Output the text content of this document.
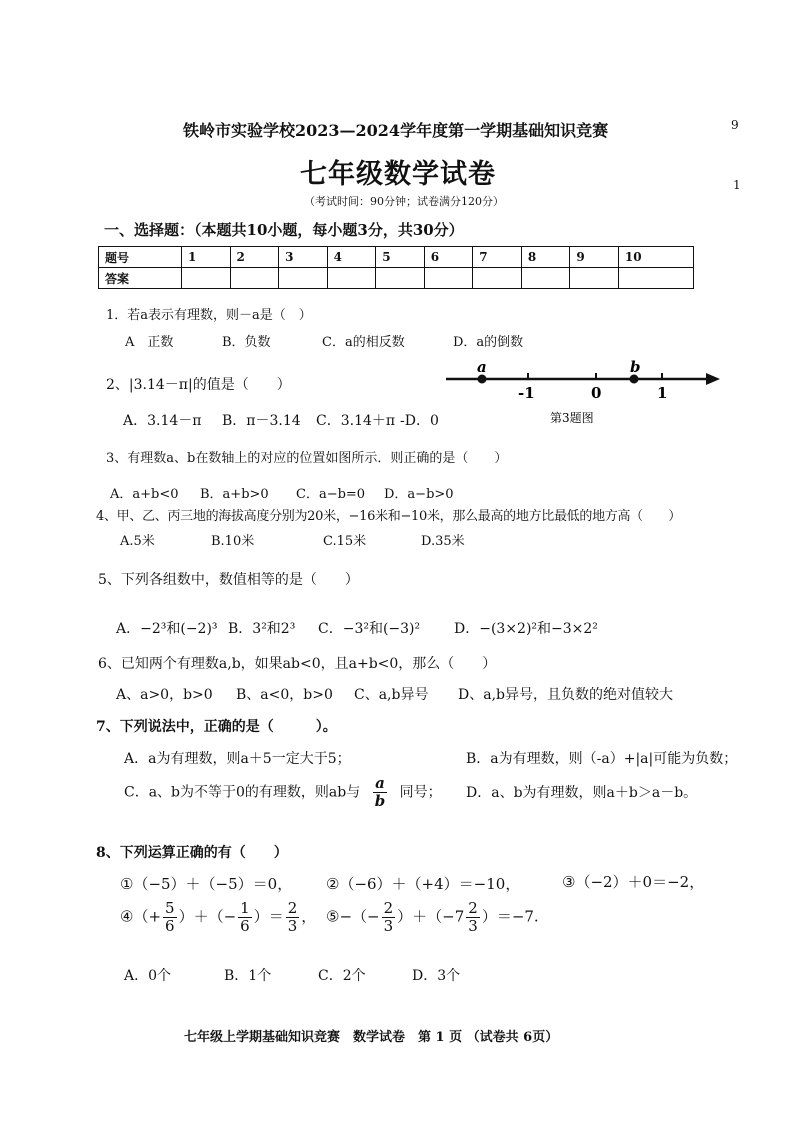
铁岭市实验学校2023—2024学年度第一学期基础知识竞赛	9
七年级数学试卷	1
（考试时间：90分钟；试卷满分120分）
一、选择题：（本题共10小题，每小题3分，共30分）
题号	1	2	3	4	5	6	7	8	9	10
答案										
1．若a表示有理数，则－a是（　）
A　正数	B．负数	C．a的相反数	D．a的倒数
2、|3.14－π|的值是（　　）
A．3.14－π B．π－3.14 C．3.14＋π -D．0
a	b
-1	0	1
第3题图
3、有理数a、b在数轴上的对应的位置如图所示．则正确的是（　　）
A．a+b<0 B．a+b>0 C．a−b=0 D．a−b>0
4、甲、乙、丙三地的海拔高度分别为20米，−16米和−10米，那么最高的地方比最低的地方高（　　）
A.5米	B.10米	C.15米	D.35米
5、下列各组数中，数值相等的是（　　）
A．−2³和(−2)³ B．3²和2³ C．−3²和(−3)² D．−(3×2)²和−3×2²
6、已知两个有理数a,b，如果ab<0，且a+b<0，那么（　　）
A、a>0，b>0 B、a<0，b>0 C、a,b异号 D、a,b异号，且负数的绝对值较大
7、下列说法中，正确的是（　　　）。
A．a为有理数，则a＋5一定大于5；	B．a为有理数，则（-a）+|a|可能为负数；
C．a、b为不等于0的有理数，则ab与 $\frac{a}{b}$ 同号； D．a、b为有理数，则a＋b＞a－b。
8、下列运算正确的有（　　）
①（−5）＋（−5）＝0， ②（−6）＋（+4）＝−10，	③（−2）＋0＝−2，
④（+ $\frac{5}{6}$ ）＋（− $\frac{1}{6}$ ）＝ $\frac{2}{3}$ ， ⑤−（− $\frac{2}{3} )+(-7 \frac{2}{3} )=-7$.
A．0个	B．1个	C．2个	D．3个
七年级上学期基础知识竞赛　数学试卷　第 1 页 （试卷共 6页）
